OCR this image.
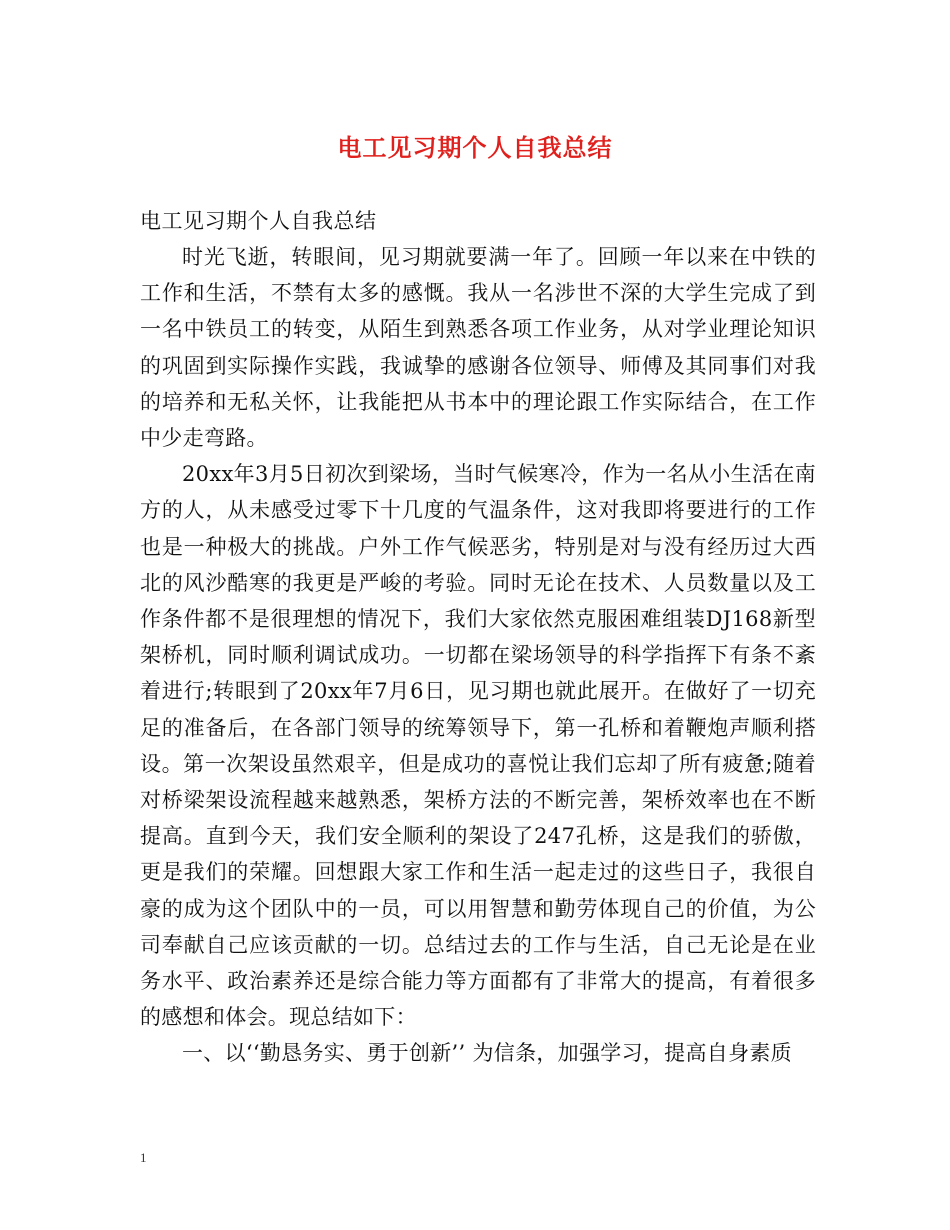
电工见习期个人自我总结

电工见习期个人自我总结

时光飞逝，转眼间，见习期就要满一年了。回顾一年以来在中铁的工作和生活，不禁有太多的感慨。我从一名涉世不深的大学生完成了到一名中铁员工的转变，从陌生到熟悉各项工作业务，从对学业理论知识的巩固到实际操作实践，我诚挚的感谢各位领导、师傅及其同事们对我的培养和无私关怀，让我能把从书本中的理论跟工作实际结合，在工作中少走弯路。

20xx年3月5日初次到梁场，当时气候寒冷，作为一名从小生活在南方的人，从未感受过零下十几度的气温条件，这对我即将要进行的工作也是一种极大的挑战。户外工作气候恶劣，特别是对与没有经历过大西北的风沙酷寒的我更是严峻的考验。同时无论在技术、人员数量以及工作条件都不是很理想的情况下，我们大家依然克服困难组装DJ168新型架桥机，同时顺利调试成功。一切都在梁场领导的科学指挥下有条不紊着进行;转眼到了20xx年7月6日，见习期也就此展开。在做好了一切充足的准备后，在各部门领导的统筹领导下，第一孔桥和着鞭炮声顺利搭设。第一次架设虽然艰辛，但是成功的喜悦让我们忘却了所有疲惫;随着对桥梁架设流程越来越熟悉，架桥方法的不断完善，架桥效率也在不断提高。直到今天，我们安全顺利的架设了247孔桥，这是我们的骄傲，更是我们的荣耀。回想跟大家工作和生活一起走过的这些日子，我很自豪的成为这个团队中的一员，可以用智慧和勤劳体现自己的价值，为公司奉献自己应该贡献的一切。总结过去的工作与生活，自己无论是在业务水平、政治素养还是综合能力等方面都有了非常大的提高，有着很多的感想和体会。现总结如下：

一、以‘‘勤恳务实、勇于创新’’ 为信条，加强学习，提高自身素质

1
